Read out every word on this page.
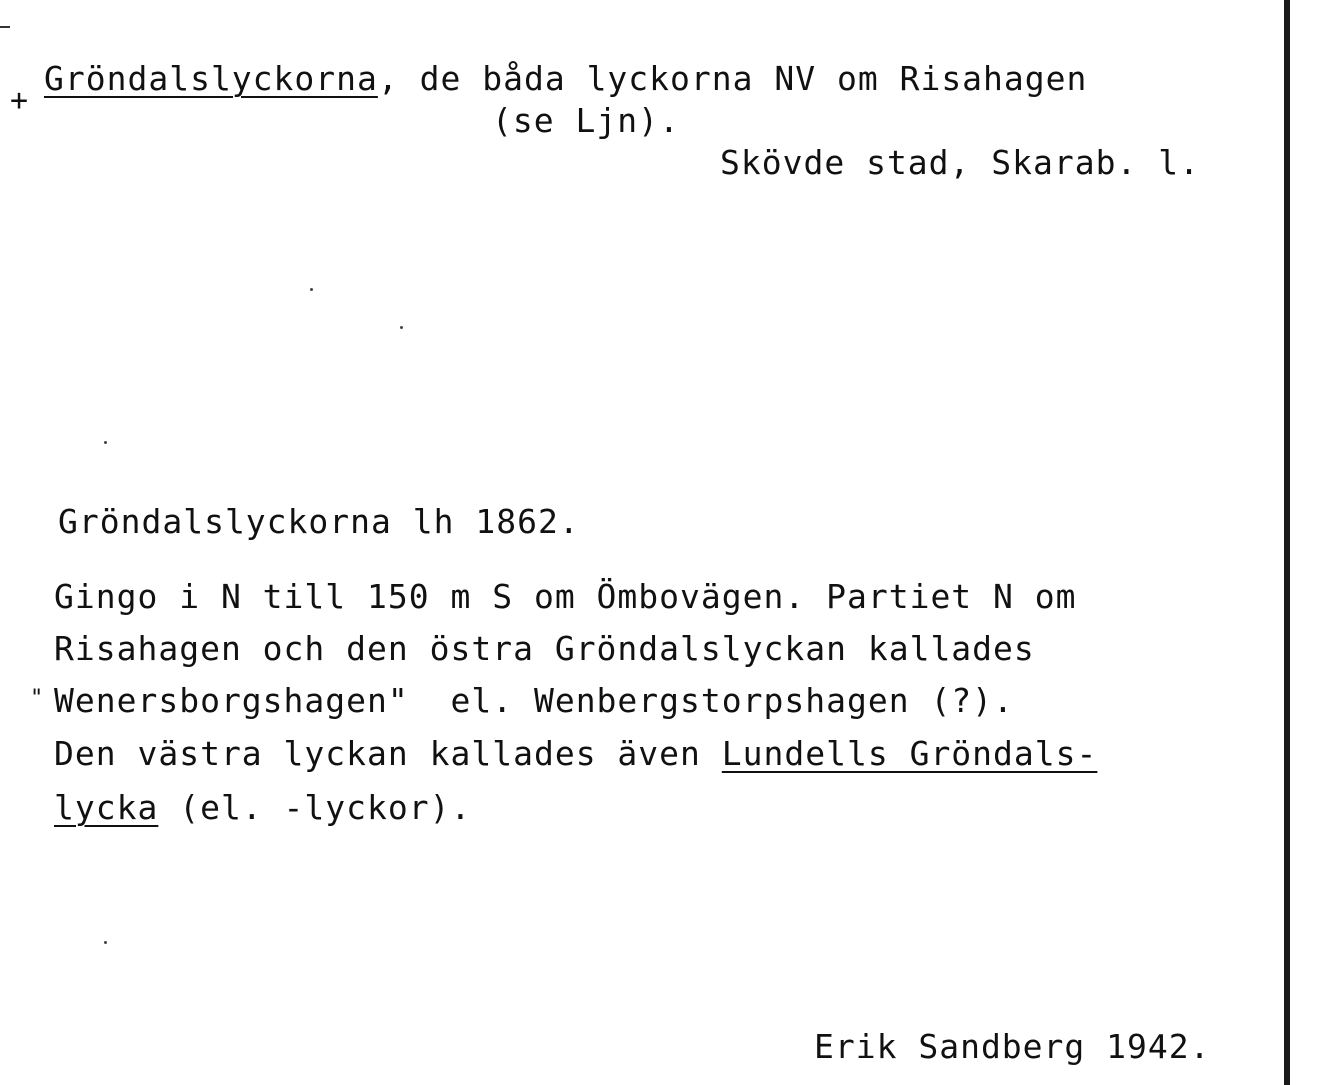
+
Gröndalslyckorna, de båda lyckorna NV om Risahagen
(se Ljn).
Skövde stad, Skarab. l.
Gröndalslyckorna lh 1862.
Gingo i N till 150 m S om Ömbovägen. Partiet N om
Risahagen och den östra Gröndalslyckan kallades
" Wenersborgshagen"  el. Wenbergstorpshagen (?).
Den västra lyckan kallades även Lundells Gröndals-
lycka (el. -lyckor).
Erik Sandberg 1942.
